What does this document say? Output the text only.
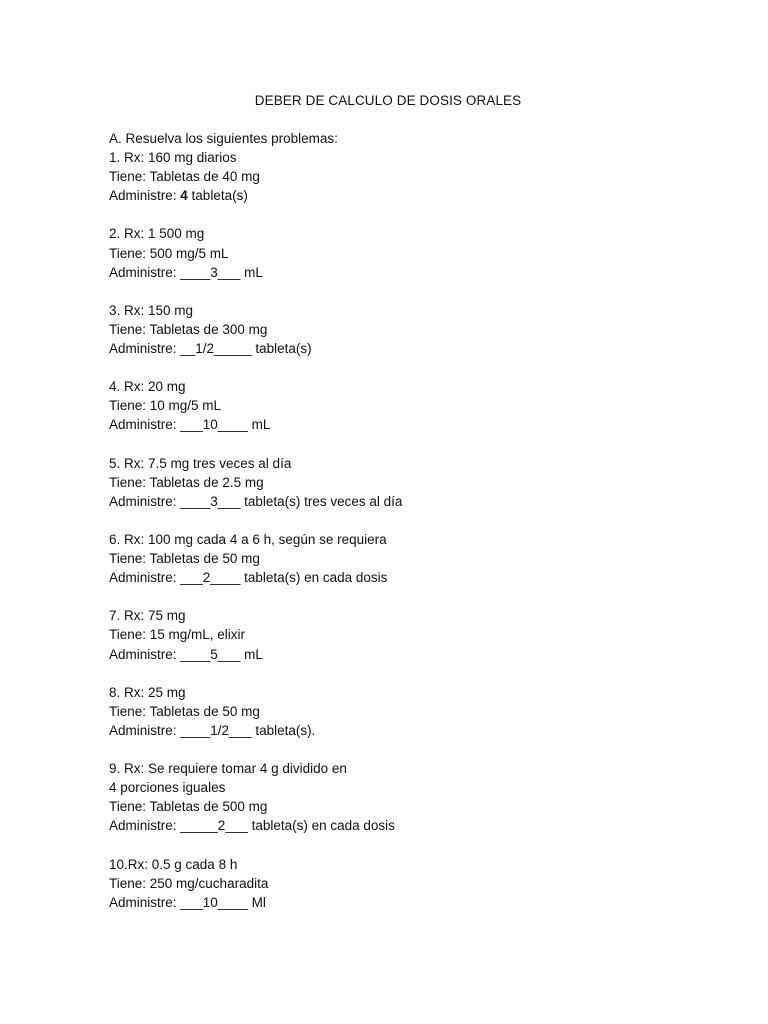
DEBER DE CALCULO DE DOSIS ORALES
A. Resuelva los siguientes problemas:
1. Rx: 160 mg diarios
Tiene: Tabletas de 40 mg
Administre: 4 tableta(s)
2. Rx: 1 500 mg
Tiene: 500 mg/5 mL
Administre: ____3___ mL
3. Rx: 150 mg
Tiene: Tabletas de 300 mg
Administre: __1/2_____ tableta(s)
4. Rx: 20 mg
Tiene: 10 mg/5 mL
Administre: ___10____ mL
5. Rx: 7.5 mg tres veces al día
Tiene: Tabletas de 2.5 mg
Administre: ____3___ tableta(s) tres veces al día
6. Rx: 100 mg cada 4 a 6 h, según se requiera
Tiene: Tabletas de 50 mg
Administre: ___2____ tableta(s) en cada dosis
7. Rx: 75 mg
Tiene: 15 mg/mL, elixir
Administre: ____5___ mL
8. Rx: 25 mg
Tiene: Tabletas de 50 mg
Administre: ____1/2___ tableta(s).
9. Rx: Se requiere tomar 4 g dividido en
4 porciones iguales
Tiene: Tabletas de 500 mg
Administre: _____2___ tableta(s) en cada dosis
10.Rx: 0.5 g cada 8 h
Tiene: 250 mg/cucharadita
Administre: ___10____ Ml
